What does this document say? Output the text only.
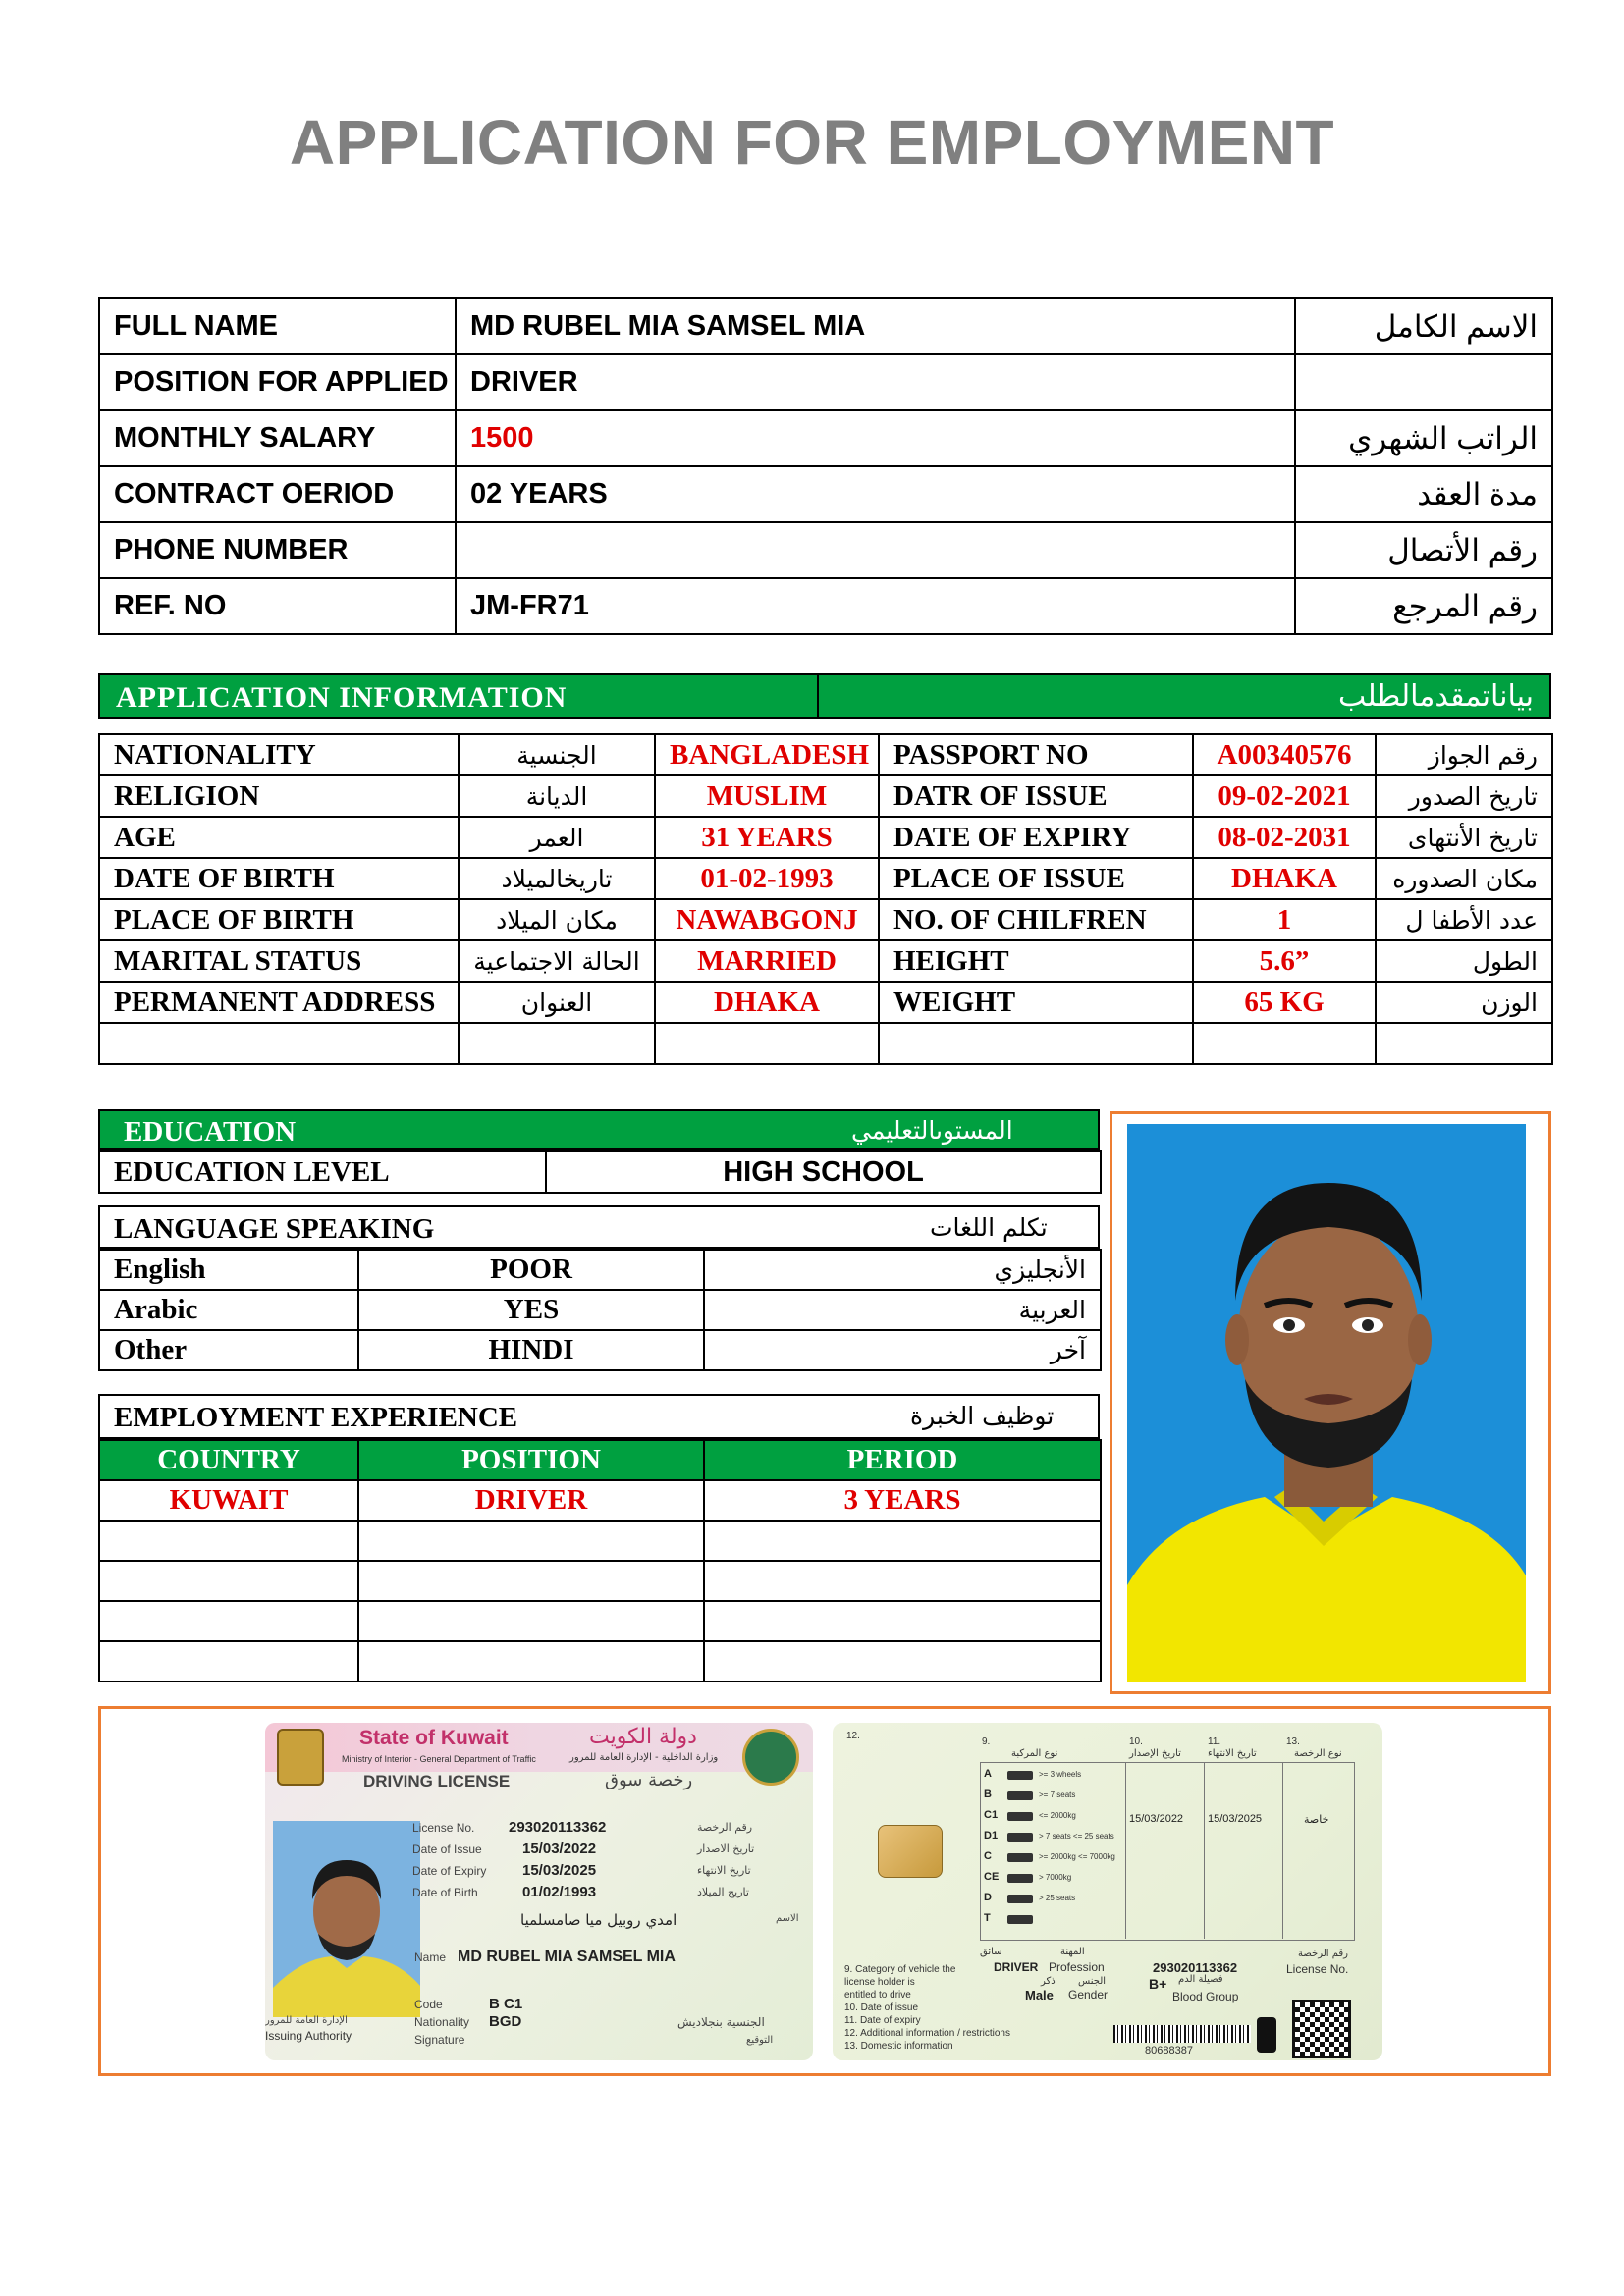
APPLICATION FOR EMPLOYMENT
FULL NAME	MD RUBEL MIA SAMSEL MIA	الاسم الكامل
POSITION FOR APPLIED	DRIVER	
MONTHLY SALARY	1500	الراتب الشهري
CONTRACT OERIOD	02 YEARS	مدة العقد
PHONE NUMBER		رقم الأتصال
REF. NO	JM-FR71	رقم المرجع
APPLICATION INFORMATION	بياناتمقدمالطلب
NATIONALITY	الجنسية	BANGLADESH	PASSPORT NO	A00340576	رقم الجواز
RELIGION	الديانة	MUSLIM	DATR OF ISSUE	09-02-2021	تاريخ الصدور
AGE	العمر	31 YEARS	DATE OF EXPIRY	08-02-2031	تاريخ الأنتهاى
DATE OF BIRTH	تاريخالميلاد	01-02-1993	PLACE OF ISSUE	DHAKA	مكان الصدوره
PLACE OF BIRTH	مكان الميلاد	NAWABGONJ	NO. OF CHILFREN	1	عدد الأطفا ل
MARITAL STATUS	الحالة الاجتماعية	MARRIED	HEIGHT	5.6”	الطول
PERMANENT ADDRESS	العنوان	DHAKA	WEIGHT	65 KG	الوزن

EDUCATION	المستوىالتعليمي
EDUCATION LEVEL	HIGH SCHOOL
LANGUAGE SPEAKING	تكلم اللغات
English	POOR	الأنجليزي
Arabic	YES	العربية
Other	HINDI	آخر
EMPLOYMENT EXPERIENCE	توظيف الخبرة
COUNTRY	POSITION	PERIOD
KUWAIT	DRIVER	3 YEARS

State of Kuwait	دولة الكويت
Ministry of Interior - General Department of Traffic	وزارة الداخلية - الإدارة العامة للمرور
DRIVING LICENSE	رخصة سوق
License No. 293020113362	رقم الرخصة
Date of Issue	15/03/2022	تاريخ الاصدار
Date of Expiry 15/03/2025	تاريخ الانتهاء
Date of Birth	01/02/1993	تاريخ الميلاد
امدي روبيل ميا صامسلميا	الاسم
Name MD RUBEL MIA SAMSEL MIA
Code	B C1
Nationality BGD	الجنسية بنجلاديش
Signature	التوقيع
الإدارة العامة للمرور
Issuing Authority
12.
9.	10.	11.	13.
نوع المركبة	تاريخ الإصدار	تاريخ الانتهاء	نوع الرخصة
A	>= 3 wheels
B	>= 7 seats
C1	<= 2000kg
D1	> 7 seats <= 25 seats
C	>= 2000kg <= 7000kg
CE	> 7000kg
D	> 25 seats
T
15/03/2022 15/03/2025	خاصة
سائق	المهنة
DRIVER Profession	293020113362
رقم الرخصة
License No.
الجنس
ذكر
Male Gender
B+ فصيلة الدم
Blood Group
9. Category of vehicle the
license holder is
entitled to drive
10. Date of issue
11. Date of expiry
12. Additional information / restrictions
13. Domestic information	80688387
